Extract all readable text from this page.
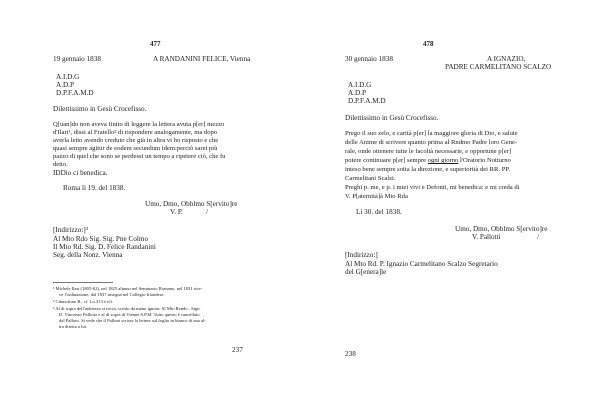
477
19 gennaio 1838	A RANDANINI FELICE, Vienna
A.I.D.G
A.D.P
D.P.F.A.M.D
Dilettissimo in Gesù Crocefisso.
Q[uan]do non aveva finito di leggere la lettera avuta p[er] mezzo
d'Ilari¹, dissi al Fratello² di rispondere analogamente, ma dopo
averla letto avendo creduto che già in altra vi ho risposto e che
quasi sempre agitur de eodem secundum idem:perciò sarei più
pazzo di quel che sono se perdessi un tempo a ripetere ciò, che fu
detto.
IDDio ci benedica.
Roma li 19. del 1838.
Umo, Dmo, Obblmo S[ervito]re
V. P.	/
[Indirizzo:]³
Al Mto Rdo Sig. Sig. Pne Colmo
Il Mto Rd. Sig. D. Felice Randanini
Seg. della Nonz. Vienna
¹ Michele Ilari (1805-62), nel 1825 alunno nel Seminario Romano, nel 1831 rice-
ve l'ordinazione, dal 1837 insegna nel Collegio Irlandese.
² Cinaschino B., cf. Lo.313 e n3.
³ Al di sopra dell'indirizzo si trova, scritto da mano ignota: Al Mto Rendo . Sign.
D. Vincenzo Pallotta e al di sopra di Vienne S.P.M. Tutto questo è cancellato
dal Palloni. Si vede che il Palloni scrisse la lettera sul foglio in bianco di una al-
tra diretta a lui.
237
478
30 gennaio 1838	A IGNAZIO,
PADRE CARMELITANO SCALZO
A.I.D.G
A.D.P
D.P.F.A.M.D
Dilettissimo in Gesù Crocefisso.
Prego il suo zelo, e carità p[er] la maggiore gloria di Dio, e salute
delle Anime di scrivere quanto prima al Rndmo Padre loro Gene-
rale, onde ottenere tutte le facoltà necessarie, e opportune p[er]
potere continuare p[er] sempre ogni giorno l'Oratorio Notturno
inteso bene sempre sotta la direzione, e superiorità dei RR. PP.
Carmelitani Scalzi.
Preghi p. me, e p. i miei vivi e Defonti, mi benedica: e mi creda di
V. P[aternità]à Mto Rda
Li 30. del 1838.
Umo, Dmo, Obblmo S[ervito]re
V. Pallotti	/
[Indirizzo:]
Al Mto Rd. P. Ignazio Carmelitano Scalzo Segretario
del G[enera]le
238
